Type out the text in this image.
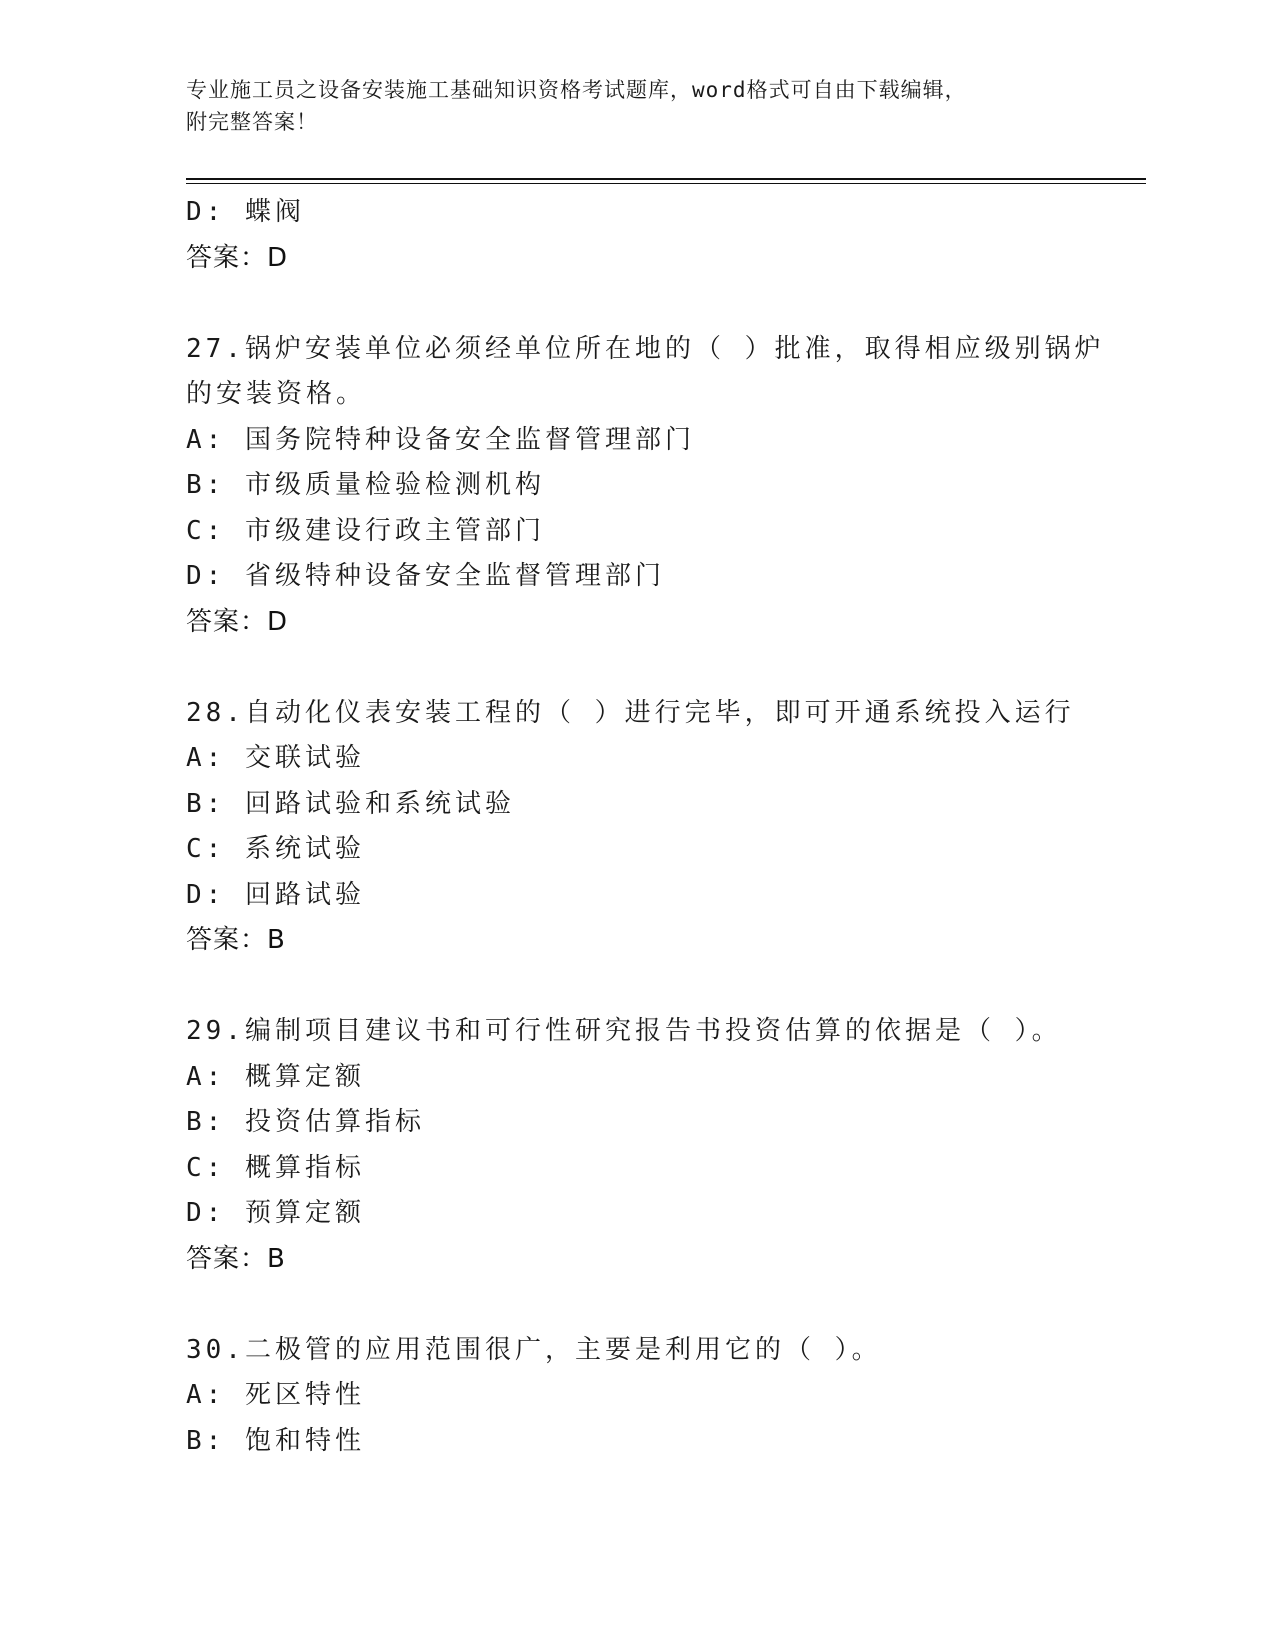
专业施工员之设备安装施工基础知识资格考试题库，word格式可自由下载编辑，
附完整答案！
D: 蝶阀
答案：D
27.锅炉安装单位必须经单位所在地的（ ）批准，取得相应级别锅炉
的安装资格。
A: 国务院特种设备安全监督管理部门
B: 市级质量检验检测机构
C: 市级建设行政主管部门
D: 省级特种设备安全监督管理部门
答案：D
28.自动化仪表安装工程的（ ）进行完毕，即可开通系统投入运行
A: 交联试验
B: 回路试验和系统试验
C: 系统试验
D: 回路试验
答案：B
29.编制项目建议书和可行性研究报告书投资估算的依据是（ ）。
A: 概算定额
B: 投资估算指标
C: 概算指标
D: 预算定额
答案：B
30.二极管的应用范围很广，主要是利用它的（ ）。
A: 死区特性
B: 饱和特性
